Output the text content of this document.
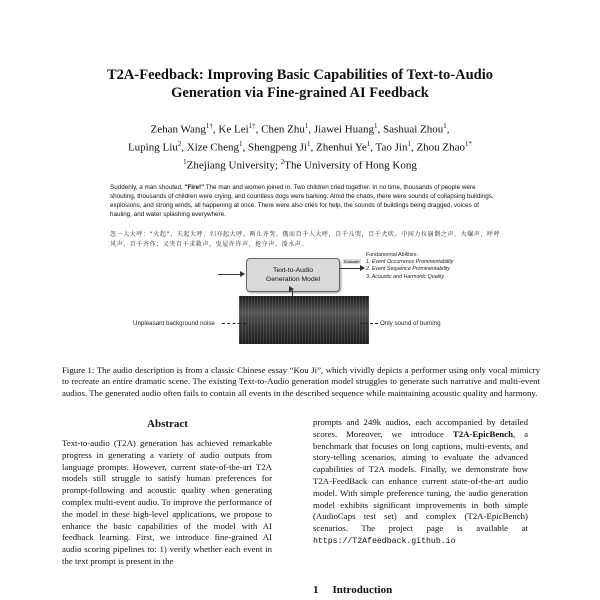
T2A-Feedback: Improving Basic Capabilities of Text-to-Audio
Generation via Fine-grained AI Feedback
Zehan Wang$^{1\dagger}$, Ke Lei$^{1\dagger}$, Chen Zhu$^1$, Jiawei Huang$^1$, Sashuai Zhou$^1$,
Luping Liu$^2$, Xize Cheng$^1$, Shengpeng Ji$^1$, Zhenhui Ye$^1$, Tao Jin$^1$, Zhou Zhao$^{1*}$
$^1$Zhejiang University; $^2$The University of Hong Kong
Suddenly, a man shouted, "Fire!" The man and women joined in. Two children cried together. In no time, thousands of people were shouting, thousands of children were crying, and countless dogs were barking. Amid the chaos, there were sounds of collapsing buildings, explosions, and strong winds, all happening at once. There were also cries for help, the sounds of buildings being dragged, voices of hauling, and water splashing everywhere.
忽一人大呼：“火起”，夫起大呼，妇亦起大呼。两儿齐哭。俄而百千人大呼，百千儿哭，百千犬吠。中间力拉崩倒之声，火爆声，呼呼风声，百千齐作；又夹百千求救声，曳屋许许声，抢夺声，泼水声。
Text-to-Audio
Generation Model
Evaluate
Fundamental Abilities:
1. Event Occurrence Prominentability
2. Event Sequence Prominentability
3. Acoustic and Harmonic Quality
Unpleasant background noise	Only sound of burning
Figure 1: The audio description is from a classic Chinese essay “Kou Ji”, which vividly depicts a performer using only vocal mimicry to recreate an entire dramatic scene. The existing Text-to-Audio generation model struggles to generate such narrative and multi-event audios. The generated audio often fails to contain all events in the described sequence while maintaining acoustic quality and harmony.
Abstract
Text-to-audio (T2A) generation has achieved remarkable progress in generating a variety of audio outputs from language prompts. However, current state-of-the-art T2A models still struggle to satisfy human preferences for prompt-following and acoustic quality when generating complex multi-event audio. To improve the performance of the model in these high-level applications, we propose to enhance the basic capabilities of the model with AI feedback learning. First, we introduce fine-grained AI audio scoring pipelines to: 1) verify whether each event in the text prompt is present in the
prompts and 249k audios, each accompanied by detailed scores. Moreover, we introduce T2A-EpicBench, a benchmark that focuses on long captions, multi-events, and story-telling scenarios, aiming to evaluate the advanced capabilities of T2A models. Finally, we demonstrate how T2A-FeedBack can enhance current state-of-the-art audio model. With simple preference tuning, the audio generation model exhibits significant improvements in both simple (AudioCaps test set) and complex (T2A-EpicBench) scenarios. The project page is available at https://T2Afeedback.github.io
1 Introduction
